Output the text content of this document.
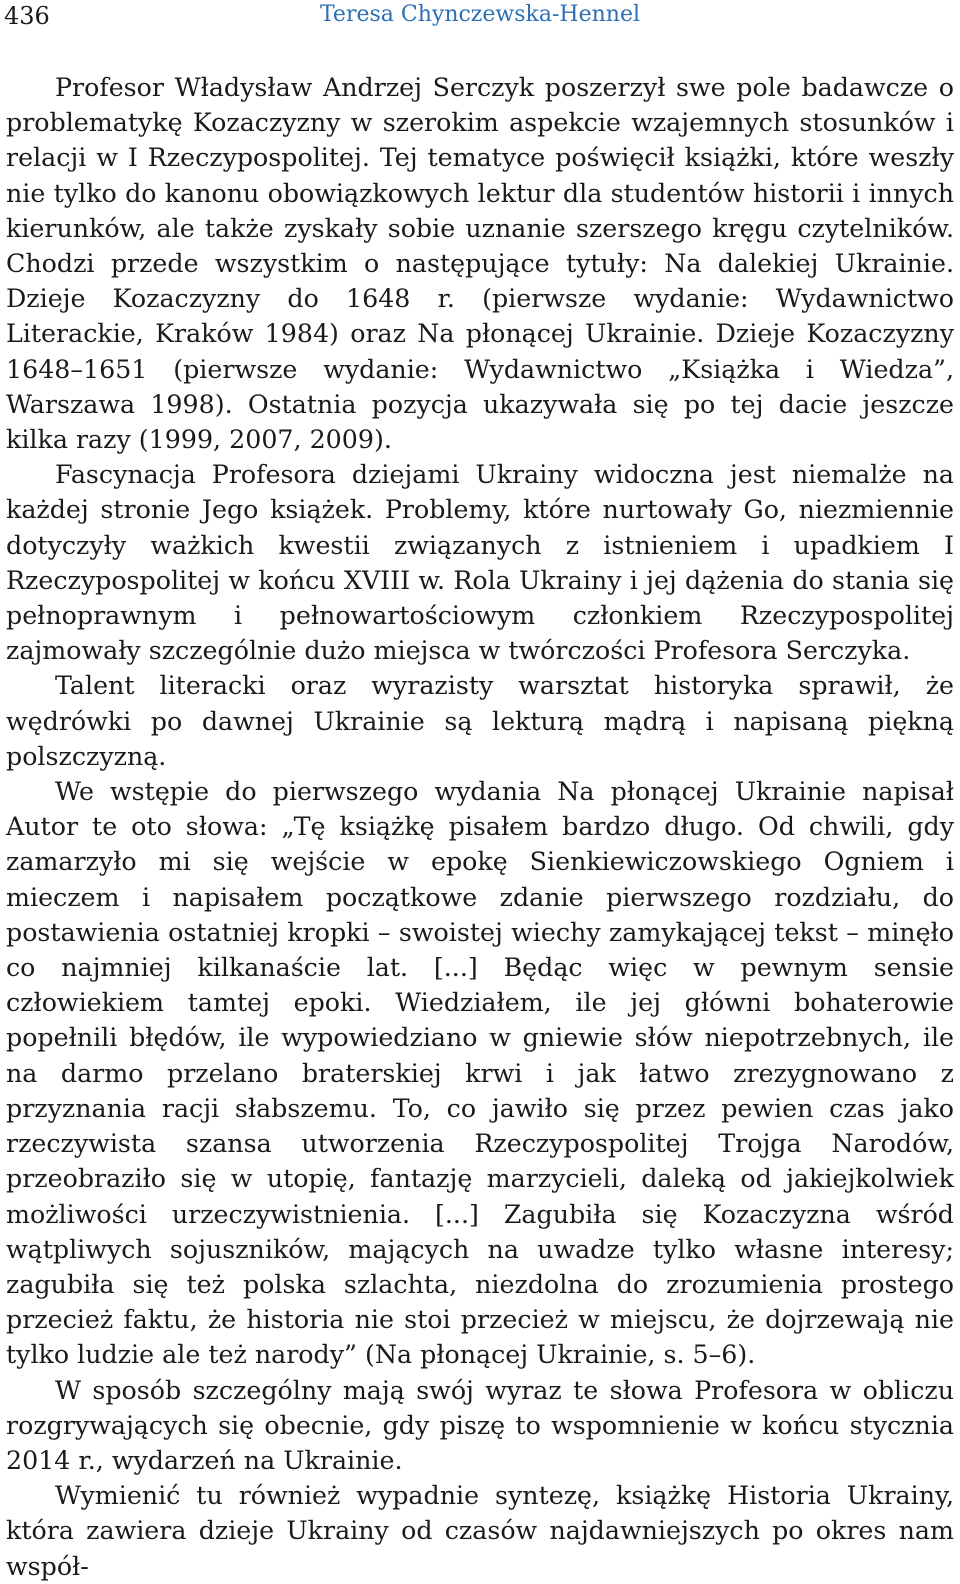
436	Teresa Chynczewska-Hennel

Profesor Władysław Andrzej Serczyk poszerzył swe pole badawcze o problematykę Kozaczyzny w szerokim aspekcie wzajemnych stosunków i relacji w I Rzeczypospolitej. Tej tematyce poświęcił książki, które weszły nie tylko do kanonu obowiązkowych lektur dla studentów historii i innych kierunków, ale także zyskały sobie uznanie szerszego kręgu czytelników. Chodzi przede wszystkim o następujące tytuły: Na dalekiej Ukrainie. Dzieje Kozaczyzny do 1648 r. (pierwsze wydanie: Wydawnictwo Literackie, Kraków 1984) oraz Na płonącej Ukrainie. Dzieje Kozaczyzny 1648–1651 (pierwsze wydanie: Wydawnictwo „Książka i Wiedza”, Warszawa 1998). Ostatnia pozycja ukazywała się po tej dacie jeszcze kilka razy (1999, 2007, 2009).

Fascynacja Profesora dziejami Ukrainy widoczna jest niemalże na każdej stronie Jego książek. Problemy, które nurtowały Go, niezmiennie dotyczyły ważkich kwestii związanych z istnieniem i upadkiem I Rzeczypospolitej w końcu XVIII w. Rola Ukrainy i jej dążenia do stania się pełnoprawnym i pełnowartościowym członkiem Rzeczypospolitej zajmowały szczególnie dużo miejsca w twórczości Profesora Serczyka.

Talent literacki oraz wyrazisty warsztat historyka sprawił, że wędrówki po dawnej Ukrainie są lekturą mądrą i napisaną piękną polszczyzną.

We wstępie do pierwszego wydania Na płonącej Ukrainie napisał Autor te oto słowa: „Tę książkę pisałem bardzo długo. Od chwili, gdy zamarzyło mi się wejście w epokę Sienkiewiczowskiego Ogniem i mieczem i napisałem początkowe zdanie pierwszego rozdziału, do postawienia ostatniej kropki – swoistej wiechy zamykającej tekst – minęło co najmniej kilkanaście lat. [...] Będąc więc w pewnym sensie człowiekiem tamtej epoki. Wiedziałem, ile jej główni bohaterowie popełnili błędów, ile wypowiedziano w gniewie słów niepotrzebnych, ile na darmo przelano braterskiej krwi i jak łatwo zrezygnowano z przyznania racji słabszemu. To, co jawiło się przez pewien czas jako rzeczywista szansa utworzenia Rzeczypospolitej Trojga Narodów, przeobraziło się w utopię, fantazję marzycieli, daleką od jakiejkolwiek możliwości urzeczywistnienia. [...] Zagubiła się Kozaczyzna wśród wątpliwych sojuszników, mających na uwadze tylko własne interesy; zagubiła się też polska szlachta, niezdolna do zrozumienia prostego przecież faktu, że historia nie stoi przecież w miejscu, że dojrzewają nie tylko ludzie ale też narody” (Na płonącej Ukrainie, s. 5–6).

W sposób szczególny mają swój wyraz te słowa Profesora w obliczu rozgrywających się obecnie, gdy piszę to wspomnienie w końcu stycznia 2014 r., wydarzeń na Ukrainie.

Wymienić tu również wypadnie syntezę, książkę Historia Ukrainy, która zawiera dzieje Ukrainy od czasów najdawniejszych po okres nam współ-
